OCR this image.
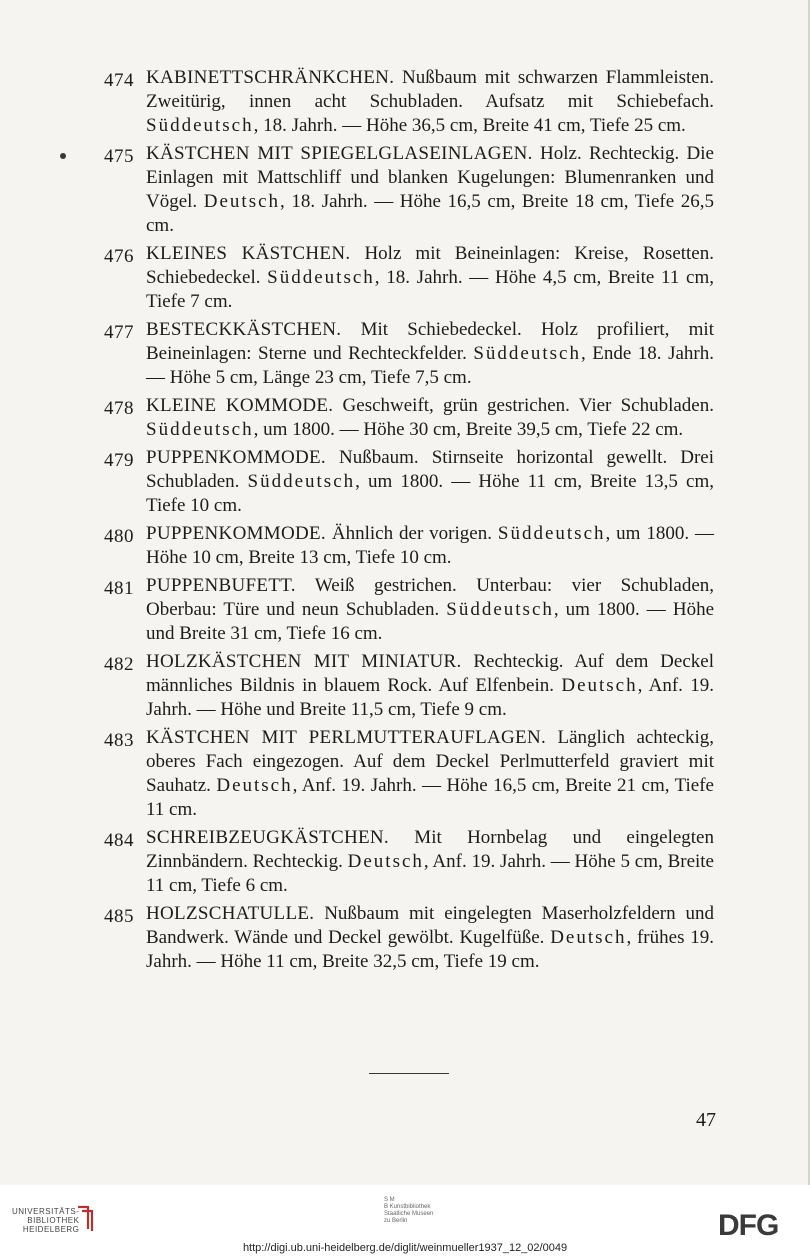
474 KABINETTSCHRÄNKCHEN. Nußbaum mit schwarzen Flammleisten. Zweitürig, innen acht Schubladen. Aufsatz mit Schiebefach. Süddeutsch, 18. Jahrh. — Höhe 36,5 cm, Breite 41 cm, Tiefe 25 cm.
475 KÄSTCHEN MIT SPIEGELGLASEINLAGEN. Holz. Rechteckig. Die Einlagen mit Mattschliff und blanken Kugelungen: Blumenranken und Vögel. Deutsch, 18. Jahrh. — Höhe 16,5 cm, Breite 18 cm, Tiefe 26,5 cm.
476 KLEINES KÄSTCHEN. Holz mit Beineinlagen: Kreise, Rosetten. Schiebedeckel. Süddeutsch, 18. Jahrh. — Höhe 4,5 cm, Breite 11 cm, Tiefe 7 cm.
477 BESTECKKÄSTCHEN. Mit Schiebedeckel. Holz profiliert, mit Beineinlagen: Sterne und Rechteckfelder. Süddeutsch, Ende 18. Jahrh. — Höhe 5 cm, Länge 23 cm, Tiefe 7,5 cm.
478 KLEINE KOMMODE. Geschweift, grün gestrichen. Vier Schubladen. Süddeutsch, um 1800. — Höhe 30 cm, Breite 39,5 cm, Tiefe 22 cm.
479 PUPPENKOMMODE. Nußbaum. Stirnseite horizontal gewellt. Drei Schubladen. Süddeutsch, um 1800. — Höhe 11 cm, Breite 13,5 cm, Tiefe 10 cm.
480 PUPPENKOMMODE. Ähnlich der vorigen. Süddeutsch, um 1800. — Höhe 10 cm, Breite 13 cm, Tiefe 10 cm.
481 PUPPENBUFETT. Weiß gestrichen. Unterbau: vier Schubladen, Oberbau: Türe und neun Schubladen. Süddeutsch, um 1800. — Höhe und Breite 31 cm, Tiefe 16 cm.
482 HOLZKÄSTCHEN MIT MINIATUR. Rechteckig. Auf dem Deckel männliches Bildnis in blauem Rock. Auf Elfenbein. Deutsch, Anf. 19. Jahrh. — Höhe und Breite 11,5 cm, Tiefe 9 cm.
483 KÄSTCHEN MIT PERLMUTTERAUFLAGEN. Länglich achteckig, oberes Fach eingezogen. Auf dem Deckel Perlmutterfeld graviert mit Sauhatz. Deutsch, Anf. 19. Jahrh. — Höhe 16,5 cm, Breite 21 cm, Tiefe 11 cm.
484 SCHREIBZEUGKÄSTCHEN. Mit Hornbelag und eingelegten Zinnbändern. Rechteckig. Deutsch, Anf. 19. Jahrh. — Höhe 5 cm, Breite 11 cm, Tiefe 6 cm.
485 HOLZSCHATULLE. Nußbaum mit eingelegten Maserholzfeldern und Bandwerk. Wände und Deckel gewölbt. Kugelfüße. Deutsch, frühes 19. Jahrh. — Höhe 11 cm, Breite 32,5 cm, Tiefe 19 cm.
47
UNIVERSITÄTS-
BIBLIOTHEK
HEIDELBERG
S M
B Kunstbibliothek
Staatliche Museen
zu Berlin	DFG
http://digi.ub.uni-heidelberg.de/diglit/weinmueller1937_12_02/0049
